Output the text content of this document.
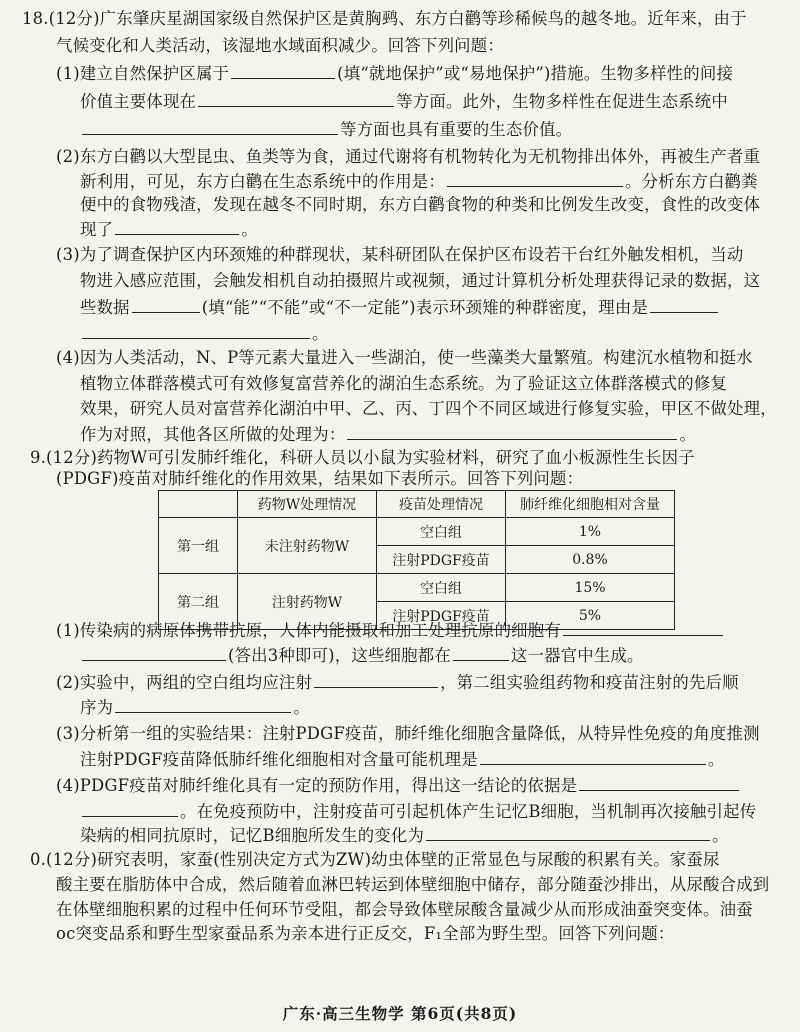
18.(12分)广东肇庆星湖国家级自然保护区是黄胸鹀、东方白鹳等珍稀候鸟的越冬地。近年来，由于
气候变化和人类活动，该湿地水域面积减少。回答下列问题：
(1)建立自然保护区属于	(填“就地保护”或“易地保护”)措施。生物多样性的间接
价值主要体现在	等方面。此外，生物多样性在促进生态系统中
等方面也具有重要的生态价值。
(2)东方白鹳以大型昆虫、鱼类等为食，通过代谢将有机物转化为无机物排出体外，再被生产者重
新利用，可见，东方白鹳在生态系统中的作用是：	。分析东方白鹳粪
便中的食物残渣，发现在越冬不同时期，东方白鹳食物的种类和比例发生改变，食性的改变体
现了	。
(3)为了调查保护区内环颈雉的种群现状，某科研团队在保护区布设若干台红外触发相机，当动
物进入感应范围，会触发相机自动拍摄照片或视频，通过计算机分析处理获得记录的数据，这
些数据	(填“能”“不能”或“不一定能”)表示环颈雉的种群密度，理由是
。
(4)因为人类活动，N、P等元素大量进入一些湖泊，使一些藻类大量繁殖。构建沉水植物和挺水
植物立体群落模式可有效修复富营养化的湖泊生态系统。为了验证这立体群落模式的修复
效果，研究人员对富营养化湖泊中甲、乙、丙、丁四个不同区域进行修复实验，甲区不做处理，
作为对照，其他各区所做的处理为：	。
9.(12分)药物W可引发肺纤维化，科研人员以小鼠为实验材料，研究了血小板源性生长因子
(PDGF)疫苗对肺纤维化的作用效果，结果如下表所示。回答下列问题：
	药物W处理情况	疫苗处理情况	肺纤维化细胞相对含量
第一组	未注射药物W	空白组	1%
		注射PDGF疫苗	0.8%
第二组	注射药物W	空白组	15%
		注射PDGF疫苗	5%
(1)传染病的病原体携带抗原，人体内能摄取和加工处理抗原的细胞有
(答出3种即可)，这些细胞都在	这一器官中生成。
(2)实验中，两组的空白组均应注射	，第二组实验组药物和疫苗注射的先后顺
序为	。
(3)分析第一组的实验结果：注射PDGF疫苗，肺纤维化细胞含量降低，从特异性免疫的角度推测
注射PDGF疫苗降低肺纤维化细胞相对含量可能机理是	。
(4)PDGF疫苗对肺纤维化具有一定的预防作用，得出这一结论的依据是
。在免疫预防中，注射疫苗可引起机体产生记忆B细胞，当机制再次接触引起传
染病的相同抗原时，记忆B细胞所发生的变化为	。
0.(12分)研究表明，家蚕(性别决定方式为ZW)幼虫体壁的正常显色与尿酸的积累有关。家蚕尿
酸主要在脂肪体中合成，然后随着血淋巴转运到体壁细胞中储存，部分随蚕沙排出，从尿酸合成到
在体壁细胞积累的过程中任何环节受阻，都会导致体壁尿酸含量减少从而形成油蚕突变体。油蚕
oc突变品系和野生型家蚕品系为亲本进行正反交，F₁全部为野生型。回答下列问题：
广东·高三生物学 第6页(共8页)
